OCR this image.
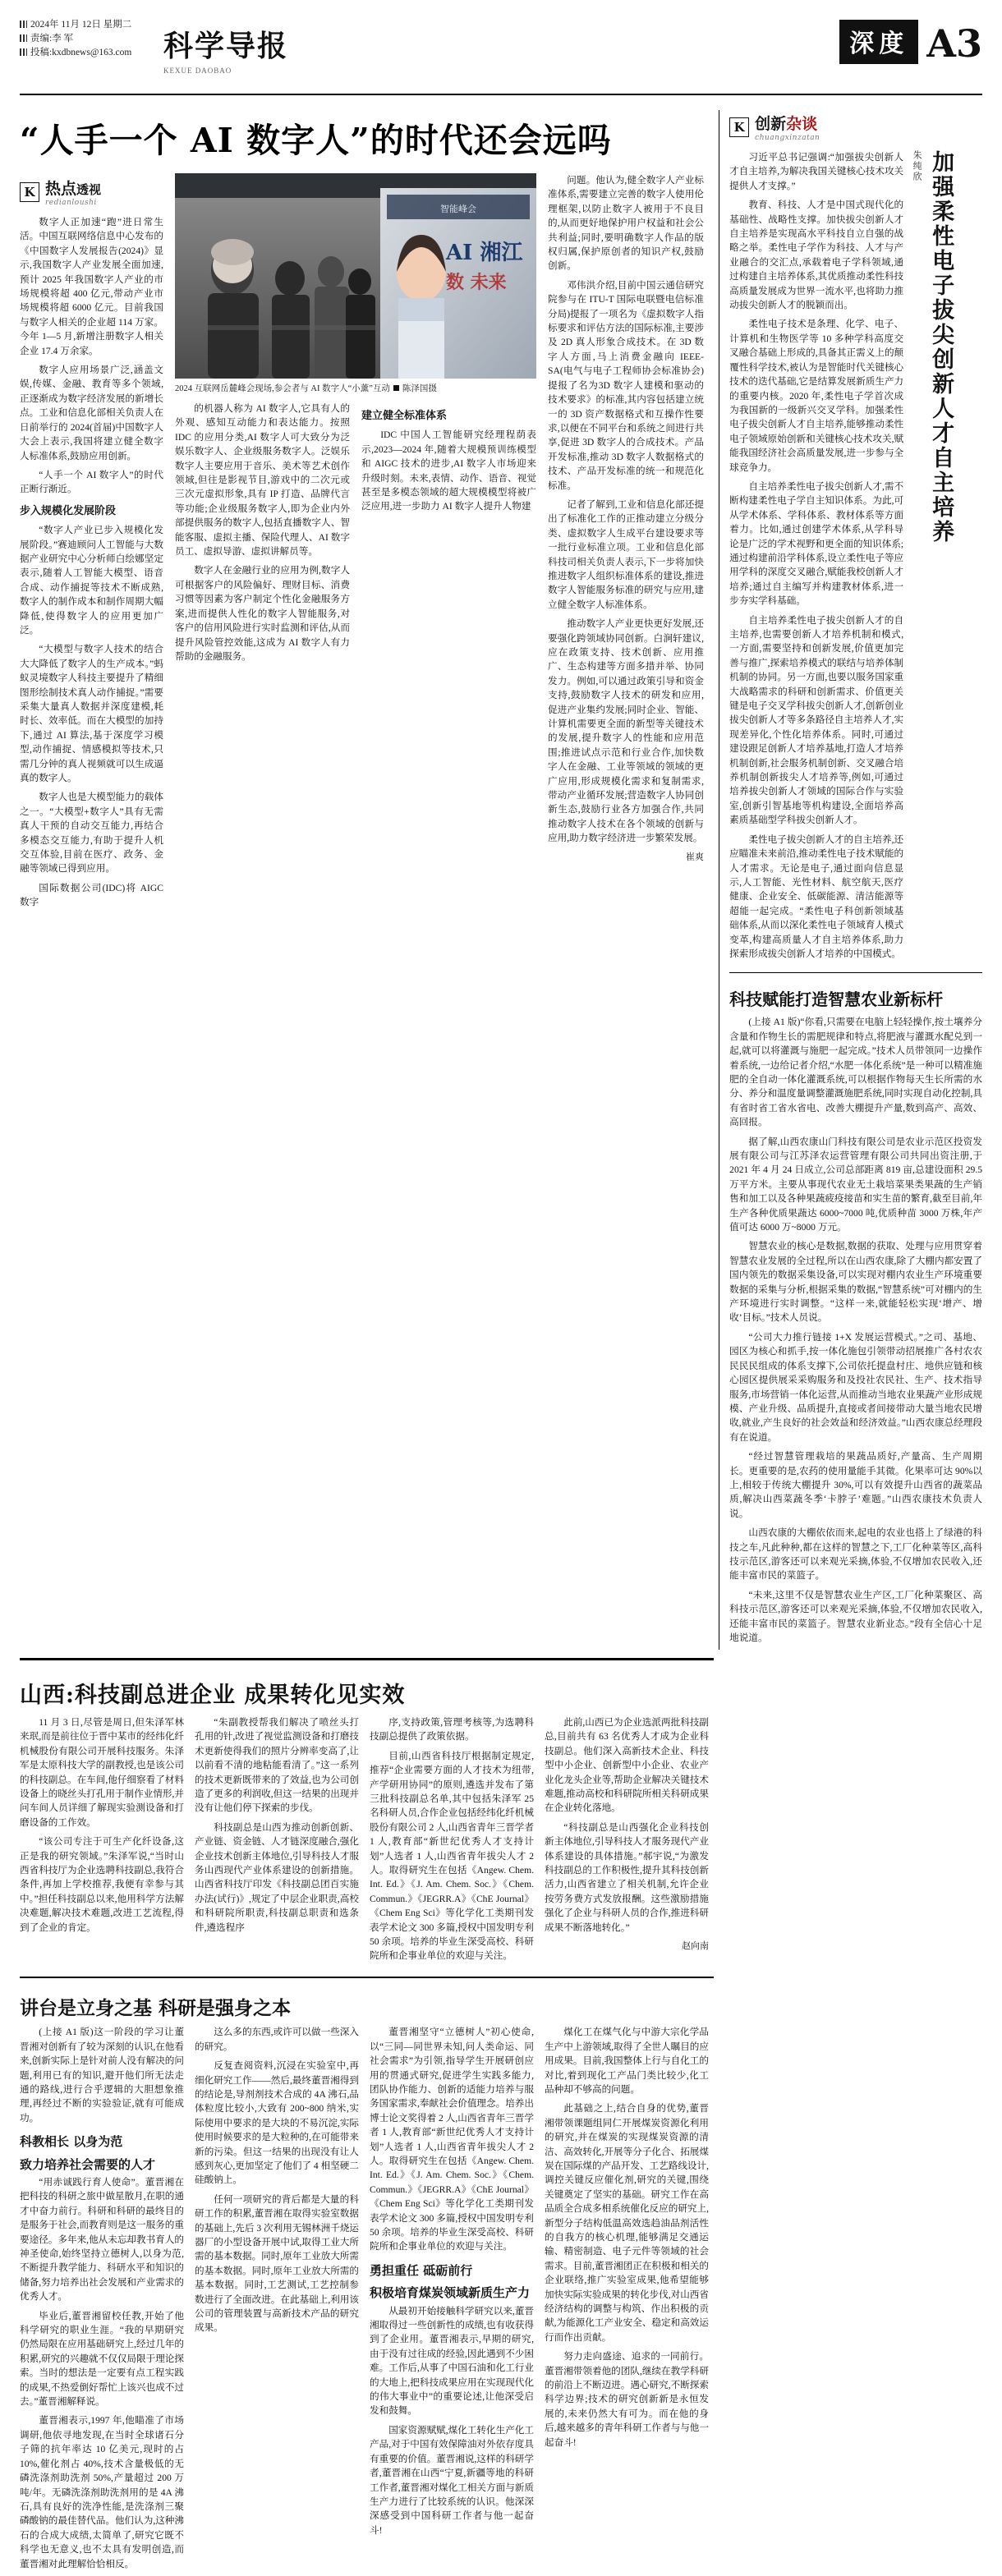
2024年 11月 12日 星期二
责编:李 军
投稿:kxdbnews@163.com 科学导报
KEXUE DAOBAO
深度 A3
“人手一个 AI 数字人”的时代还会远吗
K 热点透视
redianloushi

数字人正加速“跑”进日常生活。中国互联网络信息中心发布的《中国数字人发展报告(2024)》显示,我国数字人产业发展全面加速,预计 2025 年我国数字人产业的市场规模将超 400 亿元,带动产业市场规模将超 6000 亿元。目前我国与数字人相关的企业超 114 万家。今年 1—5 月,新增注册数字人相关企业 17.4 万余家。

数字人应用场景广泛,涵盖文娱,传媒、金融、教育等多个领域,正逐渐成为数字经济发展的新增长点。工业和信息化部相关负责人在日前举行的 2024(首届)中国数字人大会上表示,我国将建立健全数字人标准体系,鼓励应用创新。

“人手一个 AI 数字人”的时代正断行渐近。

步入规模化发展阶段

“数字人产业已步入规模化发展阶段。”赛迪顾问人工智能与大数据产业研究中心分析师白绘娜坚定表示,随着人工智能大模型、语音合成、动作捕捉等技术不断成熟,数字人的制作成本和制作周期大幅降低,使得数字人的应用更加广泛。

“大模型与数字人技术的结合大大降低了数字人的生产成本。”蚂蚁灵境数字人科技主要提升了精细图形绘制技术真人动作捕捉。”需要采集大量真人数据并深度建模,耗时长、效率低。而在大模型的加持下,通过 AI 算法,基于深度学习模型,动作捕捉、情感模拟等技术,只需几分钟的真人视频就可以生成逼真的数字人。

数字人也是大模型能力的载体之一。“大模型+数字人”具有无需真人干预的自动交互能力,再结合多模态交互能力,有助于提升人机交互体验,目前在医疗、政务、金融等领域已得到应用。

国际数据公司(IDC)将 AIGC 数字

智能峰会
AI 湘江
数 未来
2024 互联网岳麓峰会现场,参会者与 AI 数字人“小薰”互动 陈泽国摄

的机器人称为 AI 数字人,它具有人的外观、感知互动能力和表达能力。按照 IDC 的应用分类,AI 数字人可大致分为泛娱乐数字人、企业级服务数字人。泛娱乐数字人主要应用于音乐、美术等艺术创作领域,但往是影视节目,游戏中的二次元或三次元虚拟形象,具有 IP 打造、品牌代言等功能;企业级服务数字人,即为企业内外部提供服务的数字人,包括直播数字人、智能客服、虚拟主播、保险代理人、AI 数字员工、虚拟导游、虚拟讲解员等。

数字人在金融行业的应用为例,数字人可根据客户的风险偏好、理财目标、消费习惯等因素为客户制定个性化金融服务方案,进而提供人性化的数字人智能服务,对客户的信用风险进行实时监测和评估,从而提升风险管控效能,这成为 AI 数字人有力帮助的金融服务。

建立健全标准体系

IDC 中国人工智能研究经理程荫表示,2023—2024 年,随着大规模预训练模型和 AIGC 技术的进步,AI 数字人市场迎来升级时刻。未来,表情、动作、语音、视觉甚至是多模态领域的超大规模模型将被广泛应用,进一步助力 AI 数字人提升人物建

问题。他认为,健全数字人产业标准体系,需要建立完善的数字人使用伦理框架,以防止数字人被用于不良目的,从而更好地保护用户权益和社会公共利益;同时,要明确数字人作品的版权归属,保护原创者的知识产权,鼓励创新。

邓伟洪介绍,目前中国云通信研究院参与在 ITU-T 国际电联暨电信标准分局)提报了一项名为《虚拟数字人指标要求和评估方法的国际标准,主要涉及 2D 真人形象合成技术。在 3D 数字人方面,马上消费金融向 IEEE-SA(电气与电子工程师协会标准协会)提报了名为3D 数字人建模和驱动的技术要求》的标准,其内容包括建立统一的 3D 资产数据格式和互操作性要求,以便在不同平台和系统之间进行共享,促进 3D 数字人的合成技术。产品开发标准,推动 3D 数字人数据格式的技术、产品开发标准的统一和规范化标准。

记者了解到,工业和信息化部还提出了标准化工作的正推动建立分级分类、虚拟数字人生成平台建设要求等一批行业标准立项。工业和信息化部科技司相关负责人表示,下一步将加快推进数字人组织标准体系的建设,推进数字人智能服务标准的研究与应用,建立健全数字人标准体系。

推动数字人产业更快更好发展,还要强化跨领域协同创新。白涧轩建议,应在政策支持、技术创新、应用推广、生态构建等方面多措并举、协同发力。例如,可以通过政策引导和资金支持,鼓励数字人技术的研发和应用,促进产业集约发展;同时企业、智能、计算机需要更全面的新型等关键技术的发展,提升数字人的性能和应用范围;推进试点示范和行业合作,加快数字人在金融、工业等领域的领域的更广应用,形成规模化需求和复制需求,带动产业循环发展;营造数字人协同创新生态,鼓励行业各方加强合作,共同推动数字人技术在各个领域的创新与应用,助力数字经济进一步繁荣发展。

崔爽
K 创新杂谈
chuangxinzatan

习近平总书记强调:“加强拔尖创新人才自主培养,为解决我国关键核心技术攻关提供人才支撑。”

教育、科技、人才是中国式现代化的基础性、战略性支撑。加快拔尖创新人才自主培养是实现高水平科技自立自强的战略之举。柔性电子学作为科技、人才与产业融合的交汇点,承载着电子学科领域,通过构建自主培养体系,其优质推动柔性科技高质量发展成为世界一流水平,也将助力推动拔尖创新人才的脱颖而出。

柔性电子技术是条理、化学、电子、计算机和生物医学等 10 多种学科高度交叉融合基础上形成的,具备其正需义上的颠覆性科学技术,被认为是智能时代关键核心技术的迭代基础,它是结算发展新质生产力的重要内核。2020 年,柔性电子学首次成为我国新的一级新兴交叉学科。加强柔性电子拔尖创新人才自主培养,能够推动柔性电子领域原始创新和关键核心技术攻关,赋能我国经济社会高质量发展,进一步参与全球竞争力。

自主培养柔性电子拔尖创新人才,需不断构建柔性电子学自主知识体系。为此,可从学术体系、学科体系、教材体系等方面着力。比如,通过创建学术体系,从学科导论是广泛的学术视野和更全面的知识体系;通过构建前沿学科体系,设立柔性电子等应用学科的深度交叉融合,赋能我校创新人才培养;通过自主编写并构建教材体系,进一步夯实学科基础。

自主培养柔性电子拔尖创新人才的自主培养,也需要创新人才培养机制和模式,一方面,需要坚持和创新发展,价值更加完善与推广,探索培养模式的联结与培养体制机制的协同。另一方面,也要以服务国家重大战略需求的科研和创新需求、价值更关键是电子交叉学科拔尖创新人才,创新创业拔尖创新人才等多条路径自主培养人才,实现差异化,个性化培养体系。同时,可通过建设跟足创新人才培养基地,打造人才培养机制创新,社会服务机制创新、交叉融合培养机制创新拔尖人才培养等,例如,可通过培养拔尖创新人才领域的国际合作与实验室,创新引智基地等机构建设,全面培养高素质基础型学科拔尖创新人才。

柔性电子拔尖创新人才的自主培养,还应瞄准未来前沿,推动柔性电子技术赋能的人才需求。无论是电子,通过面向信息显示,人工智能、光性材料、航空航天,医疗健康、企业安全、低碳能源、清洁能源等超能一起完成。“柔性电子科创新领域基础体系,从而以深化柔性电子领域育人模式变革,构建高质量人才自主培养体系,助力探索形成拔尖创新人才培养的中国模式。

朱纯欣 加强柔性电子拔尖创新人才自主培养
科技赋能打造智慧农业新标杆

(上接 A1 版)“你看,只需要在电脑上轻轻操作,按土壤养分含量和作物生长的需肥规律和特点,将肥液与灌溉水配兑到一起,就可以将灌溉与施肥一起完成。”技术人员带领同一边操作着系统,一边给记者介绍,“水肥一体化系统”是一种可以精准施肥的全自动一体化灌溉系统,可以根据作物每天生长所需的水分、养分和温度量调整灌溉施肥系统,同时实现自动化控制,具有省时省工省水省电、改善大棚提升产量,数到高产、高效、高回报。

据了解,山西农康山门科技有限公司是农业示范区投资发展有限公司与江苏泽农运营管理有限公司共同出资注册,于 2021 年 4 月 24 日成立,公司总部距离 819 亩,总建设面积 29.5 万平方米。主要从事现代农业无土栽培菜果类果蔬的生产销售和加工以及各种果蔬疲疫接苗和实生苗的繁育,截至目前,年生产各种优质果蔬达 6000~7000 吨,优质种苗 3000 万株,年产值可达 6000 万~8000 万元。

智慧农业的核心是数据,数据的获取、处理与应用贯穿着智慧农业发展的全过程,所以在山西农康,除了大棚内都安置了国内领先的数据采集设备,可以实现对棚内农业生产环境重要数据的采集与分析,根据采集的数据,“智慧系统”可对棚内的生产环境进行实时调整。“这样一来,就能轻松实现‘增产、增收’目标。”技术人员说。

“公司大力推行链接 1+X 发展运营模式。”之司、基地、园区为核心和抓手,按一体化施包引领带动招展推广各村农农民民民组成的体系支撑下,公司依托提盘村庄、地供应链和核心园区提供展采采购服务和及投社农民社、生产、技术指导服务,市场营销一体化运营,从而推动当地农业果蔬产业形成规模、产业升级、品质提升,直接或者间接带动大量当地农民增收,就业,产生良好的社会效益和经济效益。”山西农康总经理段有在说道。

“经过智慧管理栽培的果蔬品质好,产量高、生产周期长。更重要的是,农药的使用量能手其微。化果率可达 90%以上,相较于传统大棚提升 30%,可以有效提升山西省的蔬菜品质,解决山西菜蔬冬季‘卡脖子’难题。”山西农康技术负责人说。

山西农康的大棚依依而来,起电的农业也搭上了绿港的科技之车,凡此种种,都在这样的智慧之下,工厂化种菜等区,高科技示范区,游客还可以来观光采摘,体验,不仅增加农民收入,还能丰富市民的菜篮子。

“未来,这里不仅是智慧农业生产区,工厂化种菜聚区、高科技示范区,游客还可以来观光采摘,体验,不仅增加农民收入,还能丰富市民的菜篮子。智慧农业新业态。”段有全信心十足地说道。

山西:科技副总进企业 成果转化见实效

11 月 3 日,尽管是周日,但朱泽军林来珉,而是前往位于晋中某市的经纬化纤机械股份有限公司开展科技服务。朱泽军是太原科技大学的副教授,也是该公司的科技副总。在车间,他仔细察看了材料设备上的晓丝头打孔用于制作业情形,并问车间人员详细了解现实验测设备和打磨设备的工作效。

“该公司专注于可生产化纤设备,这正是我的研究领域。”朱泽军说,“当时山西省科技厅为企业选聘科技副总,我符合条件,再加上学校推荐,我便有幸参与其中。”担任科技副总以来,他用科学方法解决难题,解决技术难题,改进工艺流程,得到了企业的肯定。

“朱副教授帮我们解决了喷丝头打孔用的针,改进了视觉监测设备和打磨技术更新使得我们的照片分辨率变高了,让以前看不清的地粘能看清了。”这一系列的技术更新既带来的了效益,也为公司创造了更多的利润收,但这一结果的出现并没有让他们停下探索的步伐。

科技副总是山西为推动创新创新、产业链、资金链、人才链深度融合,强化企业技术创新主体地位,引导科技人才服务山西现代产业体系建设的创新措施。山西省科技厅印发《科技副总团百实施办法(试行)》,规定了中层企业职责,高校和科研院所职责,科技副总职责和选条件,遴选程序

序,支持政策,管理考核等,为选聘科技副总提供了政策依据。

目前,山西省科技厅根据制定规定,推荐“企业需要方面的人才技术为纽带,产学研用协同”的原则,遴选并发布了第三批科技副总名单,其中包括朱泽军 25 名科研人员,合作企业包括经纬化纤机械股份有限公司 2 人,山西省青年三晋学者 1 人,教育部“新世纪优秀人才支持计划”人选者 1 人,山西省青年拔尖人才 2 人。取得研究生在包括《Angew. Chem. Int. Ed.》《J. Am. Chem. Soc.》《Chem. Commun.》《JEGRR.A》《ChE Journal》《Chem Eng Sci》等化学化工类期刊发表学术论文 300 多篇,授权中国发明专利 50 余项。培养的毕业生深受高校、科研院所和企事业单位的欢迎与关注。

此前,山西已为企业选派两批科技副总,目前共有 63 名优秀人才成为企业科技副总。他们深入高新技术企业、科技型中小企业、创新型中小企业、农业产业化龙头企业等,帮助企业解决关键技术难题,推动高校和科研院所相关科研成果在企业转化落地。

“科技副总是山西强化企业科技创新主体地位,引导科技人才服务现代产业体系建设的具体措施。”郝宇说,“为激发科技副总的工作积极性,提升其科技创新活力,山西省建立了相关机制,允许企业按劳务费方式发放报酬。这些激励措施强化了企业与科研人员的合作,推进科研成果不断落地转化。”

赵向南
讲台是立身之基 科研是强身之本

(上接 A1 版)这一阶段的学习让董晋湘对创新有了较为深刻的认识,在他看来,创新实际上是针对前人没有解决的问题,利用已有的知识,避开他们所无法走通的路线,进行合乎逻辑的大胆想象推理,再经过不断的实验验证,就有可能成功。

科教相长 以身为范
致力培养社会需要的人才

“用赤诚践行育人使命”。董晋湘在把科技的科研之旅中做星散月,在职的通才中奋力前行。科研和科研的最终目的是服务于社会,而教育则是这一服务的重要途径。多年来,他从未忘却教书育人的神圣使命,始终坚持立德树人,以身为范,不断提升教学能力、科研水平和知识的储备,努力培养出社会发展和产业需求的优秀人才。

毕业后,董晋湘留校任教,开始了他科学研究的职业生涯。“我的早期研究仍然局限在应用基础研究上,经过几年的积累,研究的兴趣就不仅仅局限于理论探索。当时的想法是一定要有点工程实践的成果,不热爱倒好帮忙上该兴也成不过去。”董晋湘解释说。

董晋湘表示,1997 年,他瞄准了市场调研,他依寻地发现,在当时全球诸石分子筛的抗年率达 10 亿美元,现时的占 10%,催化剂占 40%,技术含量极低的无磷洗涤剂助洗剂 50%,产量超过 200 万吨/年。无磷洗涤剂助洗剂用的是 4A 沸石,具有良好的洗净性能,是洗涤剂三聚磷酸钠的最佳替代品。他们认为,这种沸石的合成大成绩,太简单了,研究它既不科学也无意义,也不太具有发明创造,而董晋湘对此理解恰恰相反。

这么多的东西,或许可以做一些深入的研究。

反复查阅资料,沉浸在实验室中,再细化研究工作——然后,最终董晋湘得到的结论是,导剂剂技术合成的 4A 沸石,品体粒度比较小,大致有 200~800 纳米,实际使用中要求的是大块的不易沉淀,实际使用时候要求的是大粒种的,在可能带来新的污染。但这一结果的出现没有让人感到灰心,更加坚定了他们了 4 相坚硬二硅酸钠上。

任何一项研究的背后都是大量的科研工作的积累,董晋湘在取得实验室数据的基础上,先后 3 次利用无锡林洲千烧运器厂的小型设备开展中试,取得工业大所需的基本数据。同时,原年工业放大所需的基本数据。同时,原年工业放大所需的基本数据。同时,工艺测试,工艺控制参数进行了全面改进。在此基础上,利用该公司的管理装置与高新技术产品的研究成果。

董晋湘坚守“立德树人”初心使命,以“三同—同世界未知,问人类命运、同社会需求”为引领,指导学生开展研创应用的贯通式研究,促进学生实践多能力,团队协作能力、创新的适能力培养与服务国家需求,奉献社会价值理念。培养出博士论文奖得着 2 人,山西省青年三晋学者 1 人,教育部“新世纪优秀人才支持计划”人选者 1 人,山西省青年拔尖人才 2 人。取得研究生在包括《Angew. Chem. Int. Ed.》《J. Am. Chem. Soc.》《Chem. Commun.》《JEGRR.A》《ChE Journal》《Chem Eng Sci》等化学化工类期刊发表学术论文 300 多篇,授权中国发明专利 50 余项。培养的毕业生深受高校、科研院所和企事业单位的欢迎与关注。

勇担重任 砥砺前行
积极培育煤炭领域新质生产力

从最初开始接触科学研究以来,董晋湘取得过一些创新性的成绩,也有收获得到了企业用。董晋湘表示,早期的研究,由于没有过往成的经验,因此遇到不少困难。工作后,从事了中国石油和化工行业的大地上,把科技成果应用在实现现代化的伟大事业中”的重要论述,让他深受启发和鼓舞。

国家资源赋赋,煤化工转化生产化工产品,对于中国有效保障油对外依存度具有重要的价值。董晋湘说,这样的科研学者,董晋湘在山西“宁夏,新疆等地的科研工作者,董晋湘对煤化工相关方面与新质生产力进行了比较系统的认识。他深深深感受到中国科研工作者与他一起奋斗!

煤化工在煤气化与中游大宗化学品生产中上游领域,取得了全世人瞩目的应用成果。目前,我国整体上行与自化工的对比,着到现化工产品门类比较少,化工品种却不够高的问题。

此基础之上,结合自身的优势,董晋湘带领课题组同仁开展煤炭资源化利用的研究,并在煤炭的实现煤炭资源的清洁、高效转化,开展等分子化合、拓展煤炭在国际煤的产品开发、工艺路线设计,调控关键反应催化剂,研究的关键,围绕关键奠定了坚实的基础。研究工作在高品质全合成多相系统催化反应的研究上,新型分子结构低温高效选趋油品剂活性的自我方的核心机理,能够满足交通运输、精密制造、电子元件等领域的社会需求。目前,董晋湘团正在积极和相关的企业联络,推广实验室成果,他希望能够加快实际实验成果的转化步伐,对山西省经济结构的调整与构筑、作出积极的贡献,为能源化工产业安全、稳定和高效运行而作出贡献。

努力走向盛途、追求的一同前行。董晋湘带领着他的团队,继续在教学科研的前沿上不断迈进。遇心研究,不断探索科学边界;技术的研究创新新是永恒发展的,未来仍然大有可为。而在他的身后,越来越多的青年科研工作者与与他一起奋斗!
